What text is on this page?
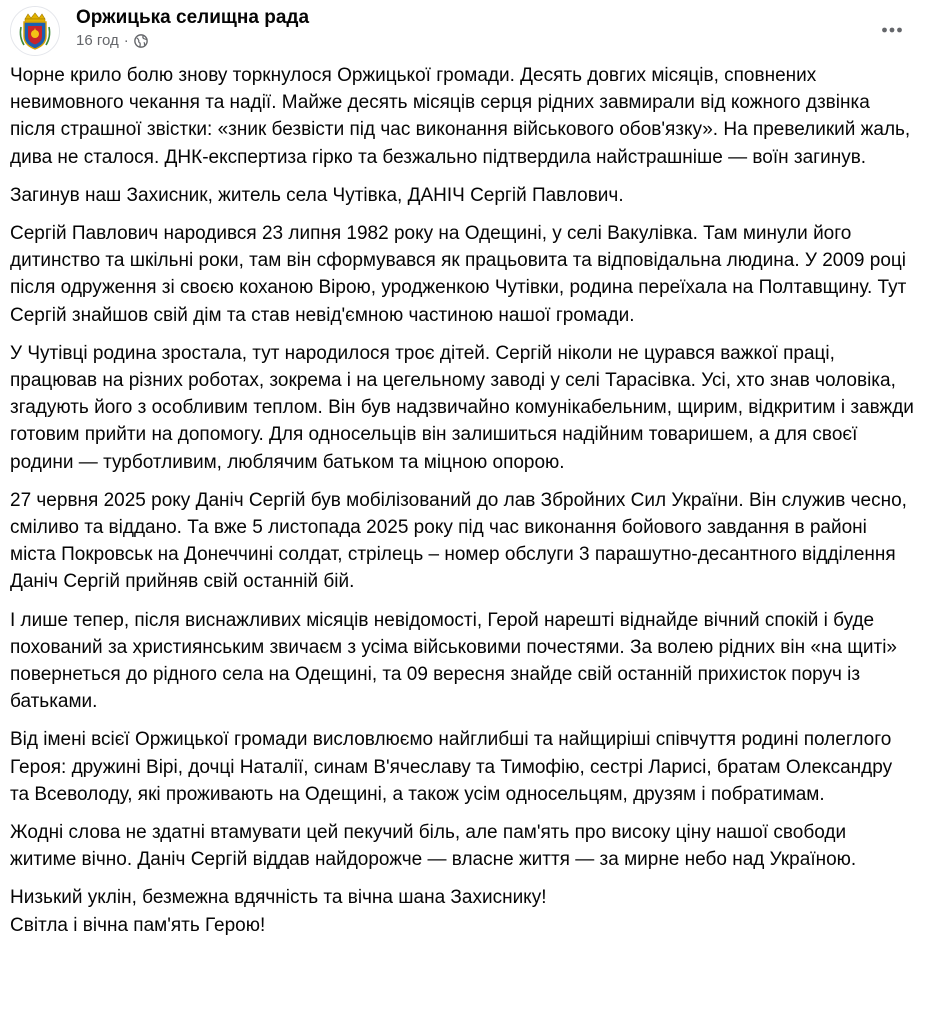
Оржицька селищна рада
16 год ·

Чорне крило болю знову торкнулося Оржицької громади. Десять довгих місяців, сповнених невимовного чекання та надії. Майже десять місяців серця рідних завмирали від кожного дзвінка після страшної звістки: «зник безвісти під час виконання військового обов'язку». На превеликий жаль, дива не сталося. ДНК-експертиза гірко та безжально підтвердила найстрашніше — воїн загинув.

Загинув наш Захисник, житель села Чутівка, ДАНІЧ Сергій Павлович.

Сергій Павлович народився 23 липня 1982 року на Одещині, у селі Вакулівка. Там минули його дитинство та шкільні роки, там він сформувався як працьовита та відповідальна людина. У 2009 році після одруження зі своєю коханою Вірою, уродженкою Чутівки, родина переїхала на Полтавщину. Тут Сергій знайшов свій дім та став невід'ємною частиною нашої громади.

У Чутівці родина зростала, тут народилося троє дітей. Сергій ніколи не цурався важкої праці, працював на різних роботах, зокрема і на цегельному заводі у селі Тарасівка. Усі, хто знав чоловіка, згадують його з особливим теплом. Він був надзвичайно комунікабельним, щирим, відкритим і завжди готовим прийти на допомогу. Для односельців він залишиться надійним товаришем, а для своєї родини — турботливим, люблячим батьком та міцною опорою.

27 червня 2025 року Даніч Сергій був мобілізований до лав Збройних Сил України. Він служив чесно, сміливо та віддано. Та вже 5 листопада 2025 року під час виконання бойового завдання в районі міста Покровськ на Донеччині солдат, стрілець – номер обслуги 3 парашутно-десантного відділення Даніч Сергій прийняв свій останній бій.

І лише тепер, після виснажливих місяців невідомості, Герой нарешті віднайде вічний спокій і буде похований за християнським звичаєм з усіма військовими почестями. За волею рідних він «на щиті» повернеться до рідного села на Одещині, та 09 вересня знайде свій останній прихисток поруч із батьками.

Від імені всієї Оржицької громади висловлюємо найглибші та найщиріші співчуття родині полеглого Героя: дружині Вірі, дочці Наталії, синам В'ячеславу та Тимофію, сестрі Ларисі, братам Олександру та Всеволоду, які проживають на Одещині, а також усім односельцям, друзям і побратимам.

Жодні слова не здатні втамувати цей пекучий біль, але пам'ять про високу ціну нашої свободи житиме вічно. Даніч Сергій віддав найдорожче — власне життя — за мирне небо над Україною.

Низький уклін, безмежна вдячність та вічна шана Захиснику!
Світла і вічна пам'ять Герою!
